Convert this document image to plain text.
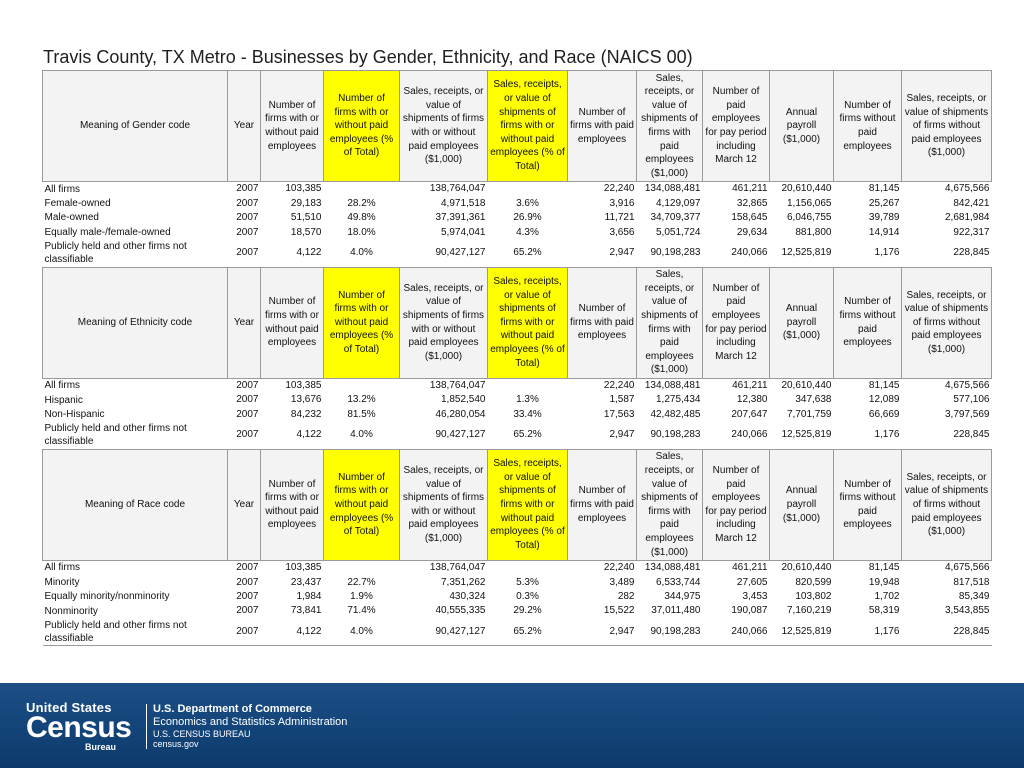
Travis County, TX Metro - Businesses by Gender, Ethnicity, and Race (NAICS 00)
Meaning of Gender code	Year	Number of firms with or without paid employees	Number of firms with or without paid employees (% of Total)	Sales, receipts, or value of shipments of firms with or without paid employees ($1,000)	Sales, receipts, or value of shipments of firms with or without paid employees (% of Total)	Number of firms with paid employees	Sales, receipts, or value of shipments of firms with paid employees ($1,000)	Number of paid employees for pay period including March 12	Annual payroll ($1,000)	Number of firms without paid employees	Sales, receipts, or value of shipments of firms without paid employees ($1,000)
All firms	2007	103,385		138,764,047		22,240	134,088,481	461,211	20,610,440	81,145	4,675,566
Female-owned	2007	29,183	28.2%	4,971,518	3.6%	3,916	4,129,097	32,865	1,156,065	25,267	842,421
Male-owned	2007	51,510	49.8%	37,391,361	26.9%	11,721	34,709,377	158,645	6,046,755	39,789	2,681,984
Equally male-/female-owned	2007	18,570	18.0%	5,974,041	4.3%	3,656	5,051,724	29,634	881,800	14,914	922,317
Publicly held and other firms not classifiable	2007	4,122	4.0%	90,427,127	65.2%	2,947	90,198,283	240,066	12,525,819	1,176	228,845
Meaning of Ethnicity code	Year	Number of firms with or without paid employees	Number of firms with or without paid employees (% of Total)	Sales, receipts, or value of shipments of firms with or without paid employees ($1,000)	Sales, receipts, or value of shipments of firms with or without paid employees (% of Total)	Number of firms with paid employees	Sales, receipts, or value of shipments of firms with paid employees ($1,000)	Number of paid employees for pay period including March 12	Annual payroll ($1,000)	Number of firms without paid employees	Sales, receipts, or value of shipments of firms without paid employees ($1,000)
All firms	2007	103,385		138,764,047		22,240	134,088,481	461,211	20,610,440	81,145	4,675,566
Hispanic	2007	13,676	13.2%	1,852,540	1.3%	1,587	1,275,434	12,380	347,638	12,089	577,106
Non-Hispanic	2007	84,232	81.5%	46,280,054	33.4%	17,563	42,482,485	207,647	7,701,759	66,669	3,797,569
Publicly held and other firms not classifiable	2007	4,122	4.0%	90,427,127	65.2%	2,947	90,198,283	240,066	12,525,819	1,176	228,845
Meaning of Race code	Year	Number of firms with or without paid employees	Number of firms with or without paid employees (% of Total)	Sales, receipts, or value of shipments of firms with or without paid employees ($1,000)	Sales, receipts, or value of shipments of firms with or without paid employees (% of Total)	Number of firms with paid employees	Sales, receipts, or value of shipments of firms with paid employees ($1,000)	Number of paid employees for pay period including March 12	Annual payroll ($1,000)	Number of firms without paid employees	Sales, receipts, or value of shipments of firms without paid employees ($1,000)
All firms	2007	103,385		138,764,047		22,240	134,088,481	461,211	20,610,440	81,145	4,675,566
Minority	2007	23,437	22.7%	7,351,262	5.3%	3,489	6,533,744	27,605	820,599	19,948	817,518
Equally minority/nonminority	2007	1,984	1.9%	430,324	0.3%	282	344,975	3,453	103,802	1,702	85,349
Nonminority	2007	73,841	71.4%	40,555,335	29.2%	15,522	37,011,480	190,087	7,160,219	58,319	3,543,855
Publicly held and other firms not classifiable	2007	4,122	4.0%	90,427,127	65.2%	2,947	90,198,283	240,066	12,525,819	1,176	228,845
United States
Census
Bureau
U.S. Department of Commerce
Economics and Statistics Administration
U.S. CENSUS BUREAU
census.gov
